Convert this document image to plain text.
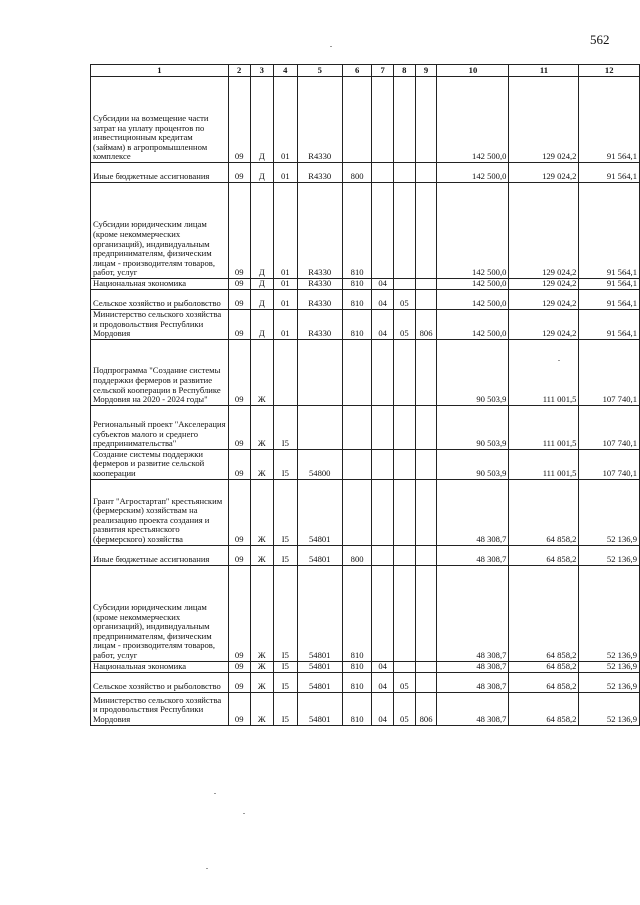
562
1	2	3	4	5	6	7	8	9	10	11	12
Субсидии на возмещение части затрат на уплату процентов по инвестиционным кредитам (займам) в агропромышленном комплексе	09	Д	01	R4330					142 500,0	129 024,2	91 564,1
Иные бюджетные ассигнования	09	Д	01	R4330	800				142 500,0	129 024,2	91 564,1
Субсидии юридическим лицам (кроме некоммерческих организаций), индивидуальным предпринимателям, физическим лицам - производителям товаров, работ, услуг	09	Д	01	R4330	810				142 500,0	129 024,2	91 564,1
Национальная экономика	09	Д	01	R4330	810	04			142 500,0	129 024,2	91 564,1
Сельское хозяйство и рыболовство	09	Д	01	R4330	810	04	05		142 500,0	129 024,2	91 564,1
Министерство сельского хозяйства и продовольствия Республики Мордовия	09	Д	01	R4330	810	04	05	806	142 500,0	129 024,2	91 564,1
Подпрограмма "Создание системы поддержки фермеров и развитие сельской кооперации в Республике Мордовия на 2020 - 2024 годы"	09	Ж							90 503,9	111 001,5	107 740,1
Региональный проект "Акселерация субъектов малого и среднего предпринимательства"	09	Ж	I5						90 503,9	111 001,5	107 740,1
Создание системы поддержки фермеров и развитие сельской кооперации	09	Ж	I5	54800					90 503,9	111 001,5	107 740,1
Грант "Агростартап" крестьянским (фермерским) хозяйствам на реализацию проекта создания и развития крестьянского (фермерского) хозяйства	09	Ж	I5	54801					48 308,7	64 858,2	52 136,9
Иные бюджетные ассигнования	09	Ж	I5	54801	800				48 308,7	64 858,2	52 136,9
Субсидии юридическим лицам (кроме некоммерческих организаций), индивидуальным предпринимателям, физическим лицам - производителям товаров, работ, услуг	09	Ж	I5	54801	810				48 308,7	64 858,2	52 136,9
Национальная экономика	09	Ж	I5	54801	810	04			48 308,7	64 858,2	52 136,9
Сельское хозяйство и рыболовство	09	Ж	I5	54801	810	04	05		48 308,7	64 858,2	52 136,9
Министерство сельского хозяйства и продовольствия Республики Мордовия	09	Ж	I5	54801	810	04	05	806	48 308,7	64 858,2	52 136,9
